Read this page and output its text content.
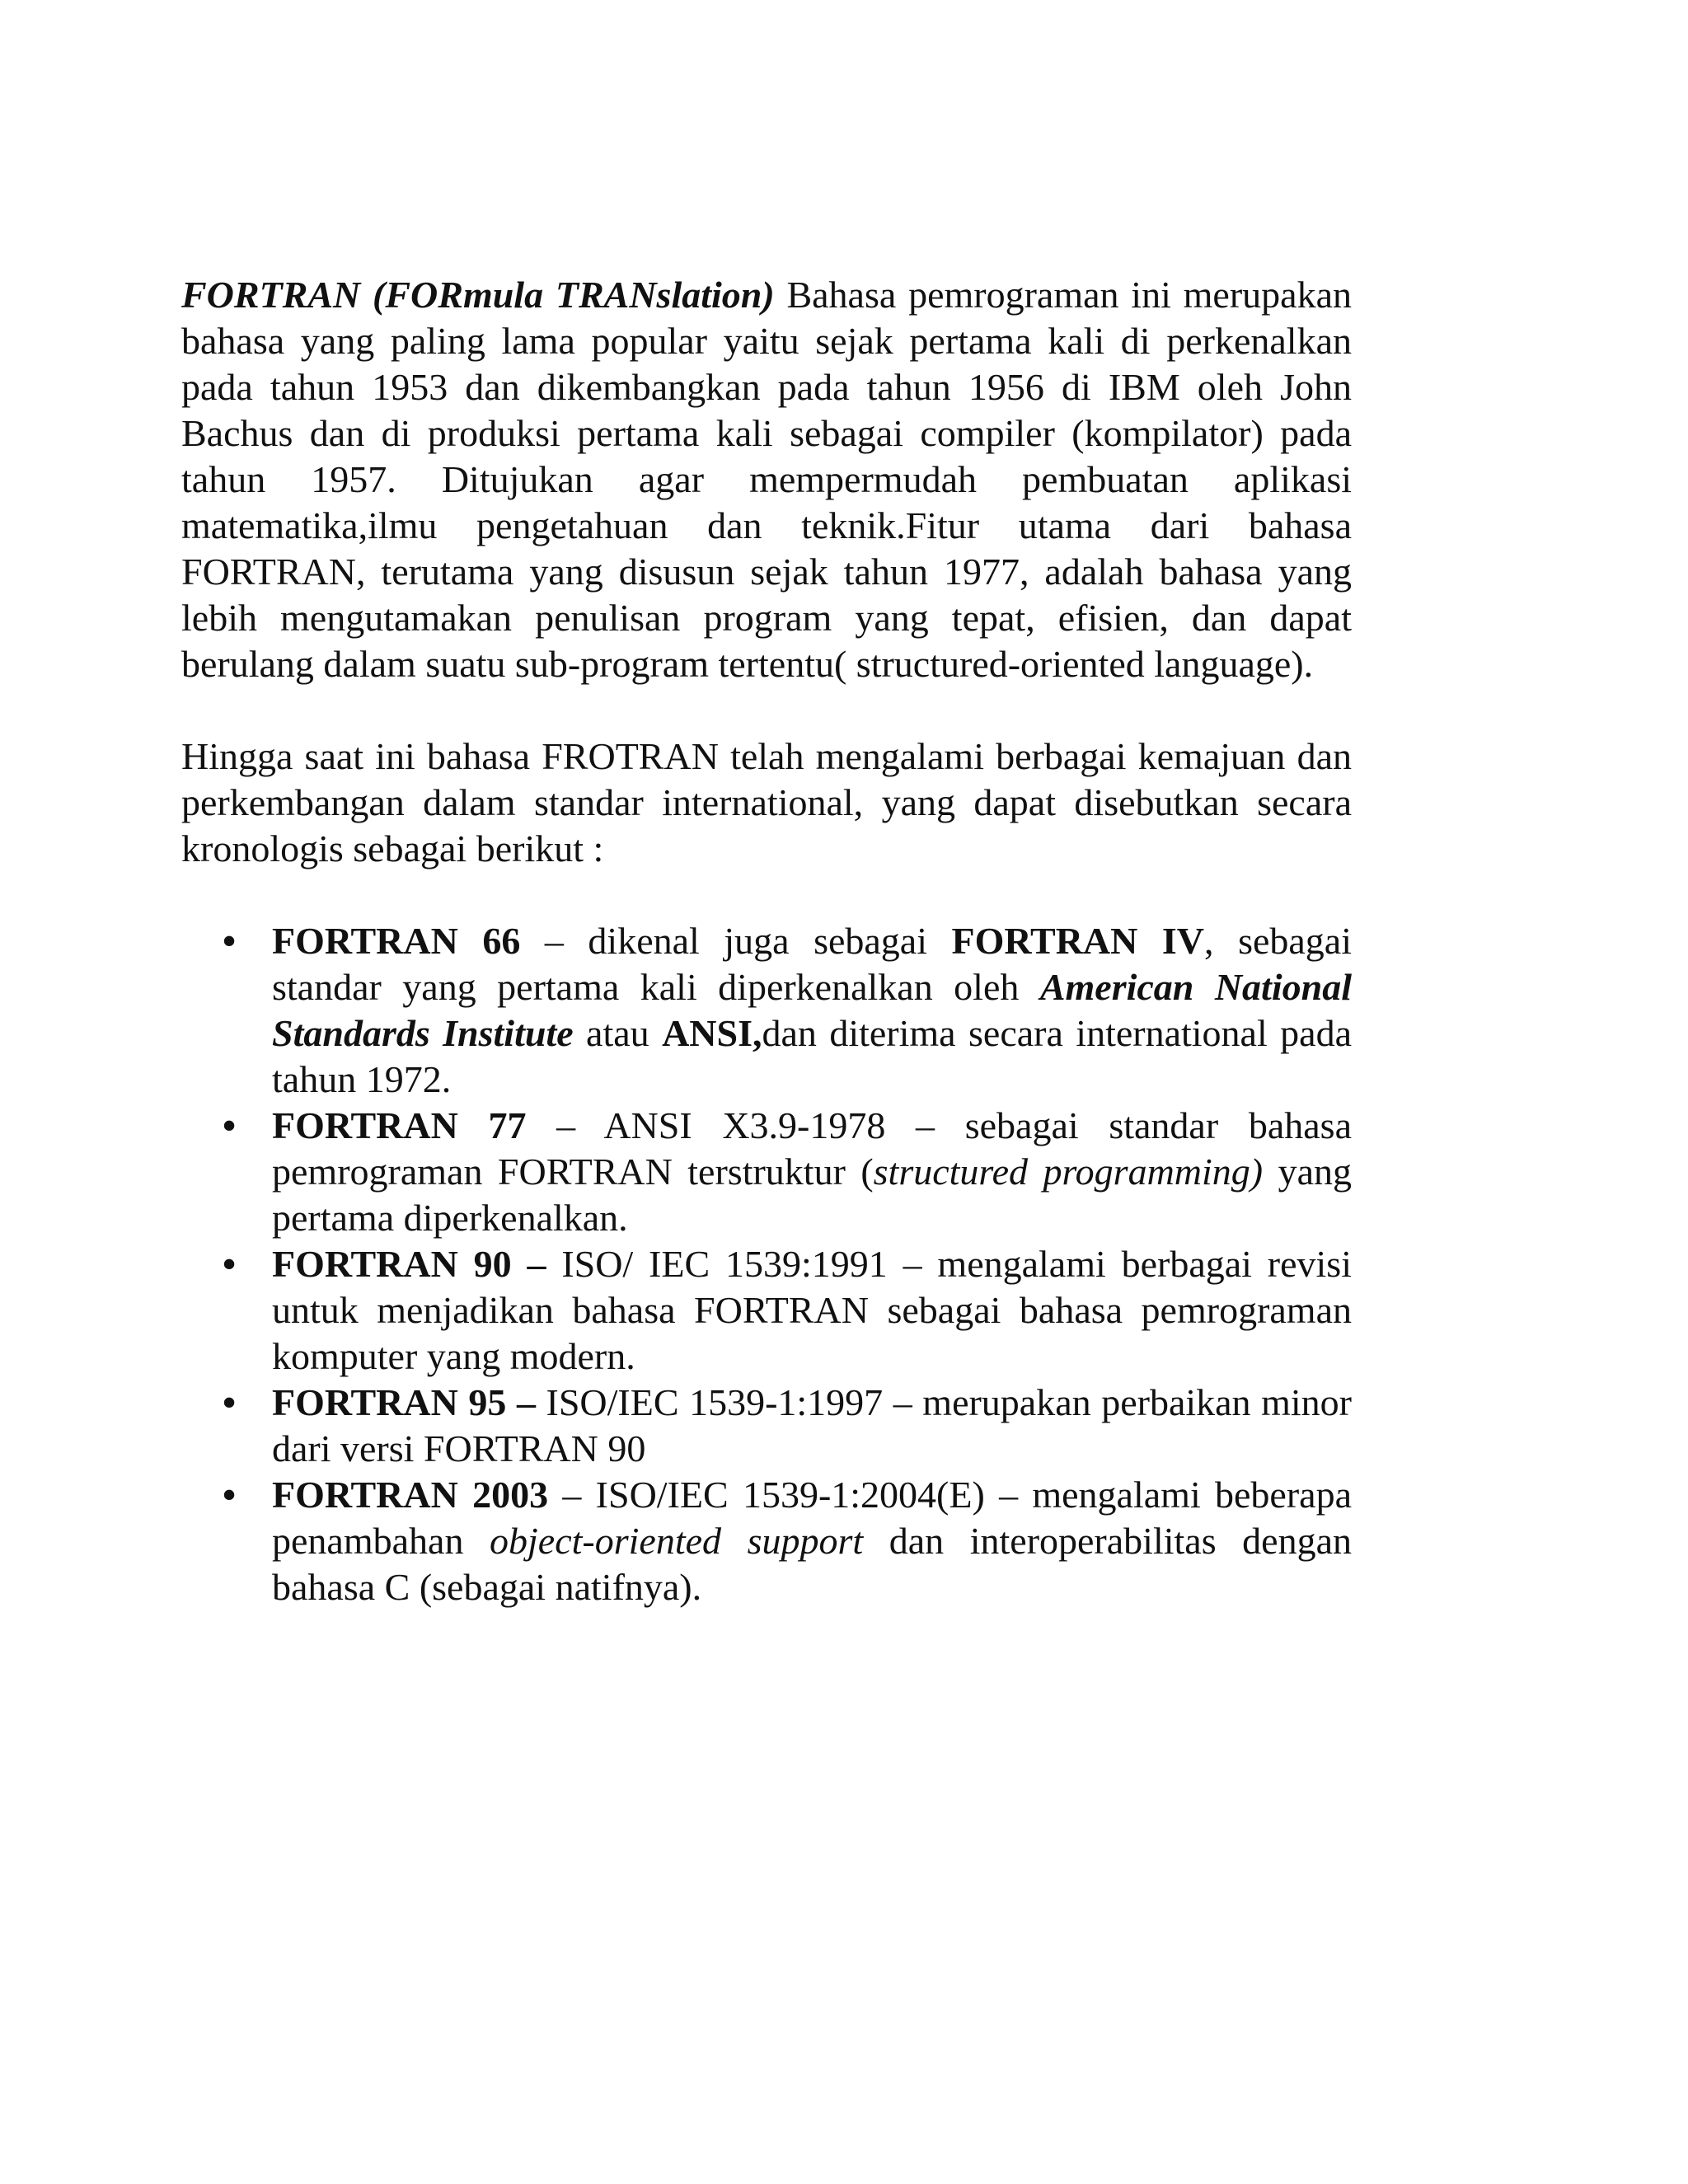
FORTRAN (FORmula TRANslation) Bahasa pemrograman ini merupakan bahasa yang paling lama popular yaitu sejak pertama kali di perkenalkan pada tahun 1953 dan dikembangkan pada tahun 1956 di IBM oleh John Bachus dan di produksi pertama kali sebagai compiler (kompilator) pada tahun 1957. Ditujukan agar mempermudah pembuatan aplikasi matematika,ilmu pengetahuan dan teknik.Fitur utama dari bahasa FORTRAN, terutama yang disusun sejak tahun 1977, adalah bahasa yang lebih mengutamakan penulisan program yang tepat, efisien, dan dapat berulang dalam suatu sub-program tertentu( structured-oriented language).

Hingga saat ini bahasa FROTRAN telah mengalami berbagai kemajuan dan perkembangan dalam standar international, yang dapat disebutkan secara kronologis sebagai berikut :

• FORTRAN 66 – dikenal juga sebagai FORTRAN IV, sebagai standar yang pertama kali diperkenalkan oleh American National Standards Institute atau ANSI,dan diterima secara international pada tahun 1972.
• FORTRAN 77 – ANSI X3.9-1978 – sebagai standar bahasa pemrograman FORTRAN terstruktur (structured programming) yang pertama diperkenalkan.
• FORTRAN 90 – ISO/ IEC 1539:1991 – mengalami berbagai revisi untuk menjadikan bahasa FORTRAN sebagai bahasa pemrograman komputer yang modern.
• FORTRAN 95 – ISO/IEC 1539-1:1997 – merupakan perbaikan minor dari versi FORTRAN 90
• FORTRAN 2003 – ISO/IEC 1539-1:2004(E) – mengalami beberapa penambahan object-oriented support dan interoperabilitas dengan bahasa C (sebagai natifnya).
